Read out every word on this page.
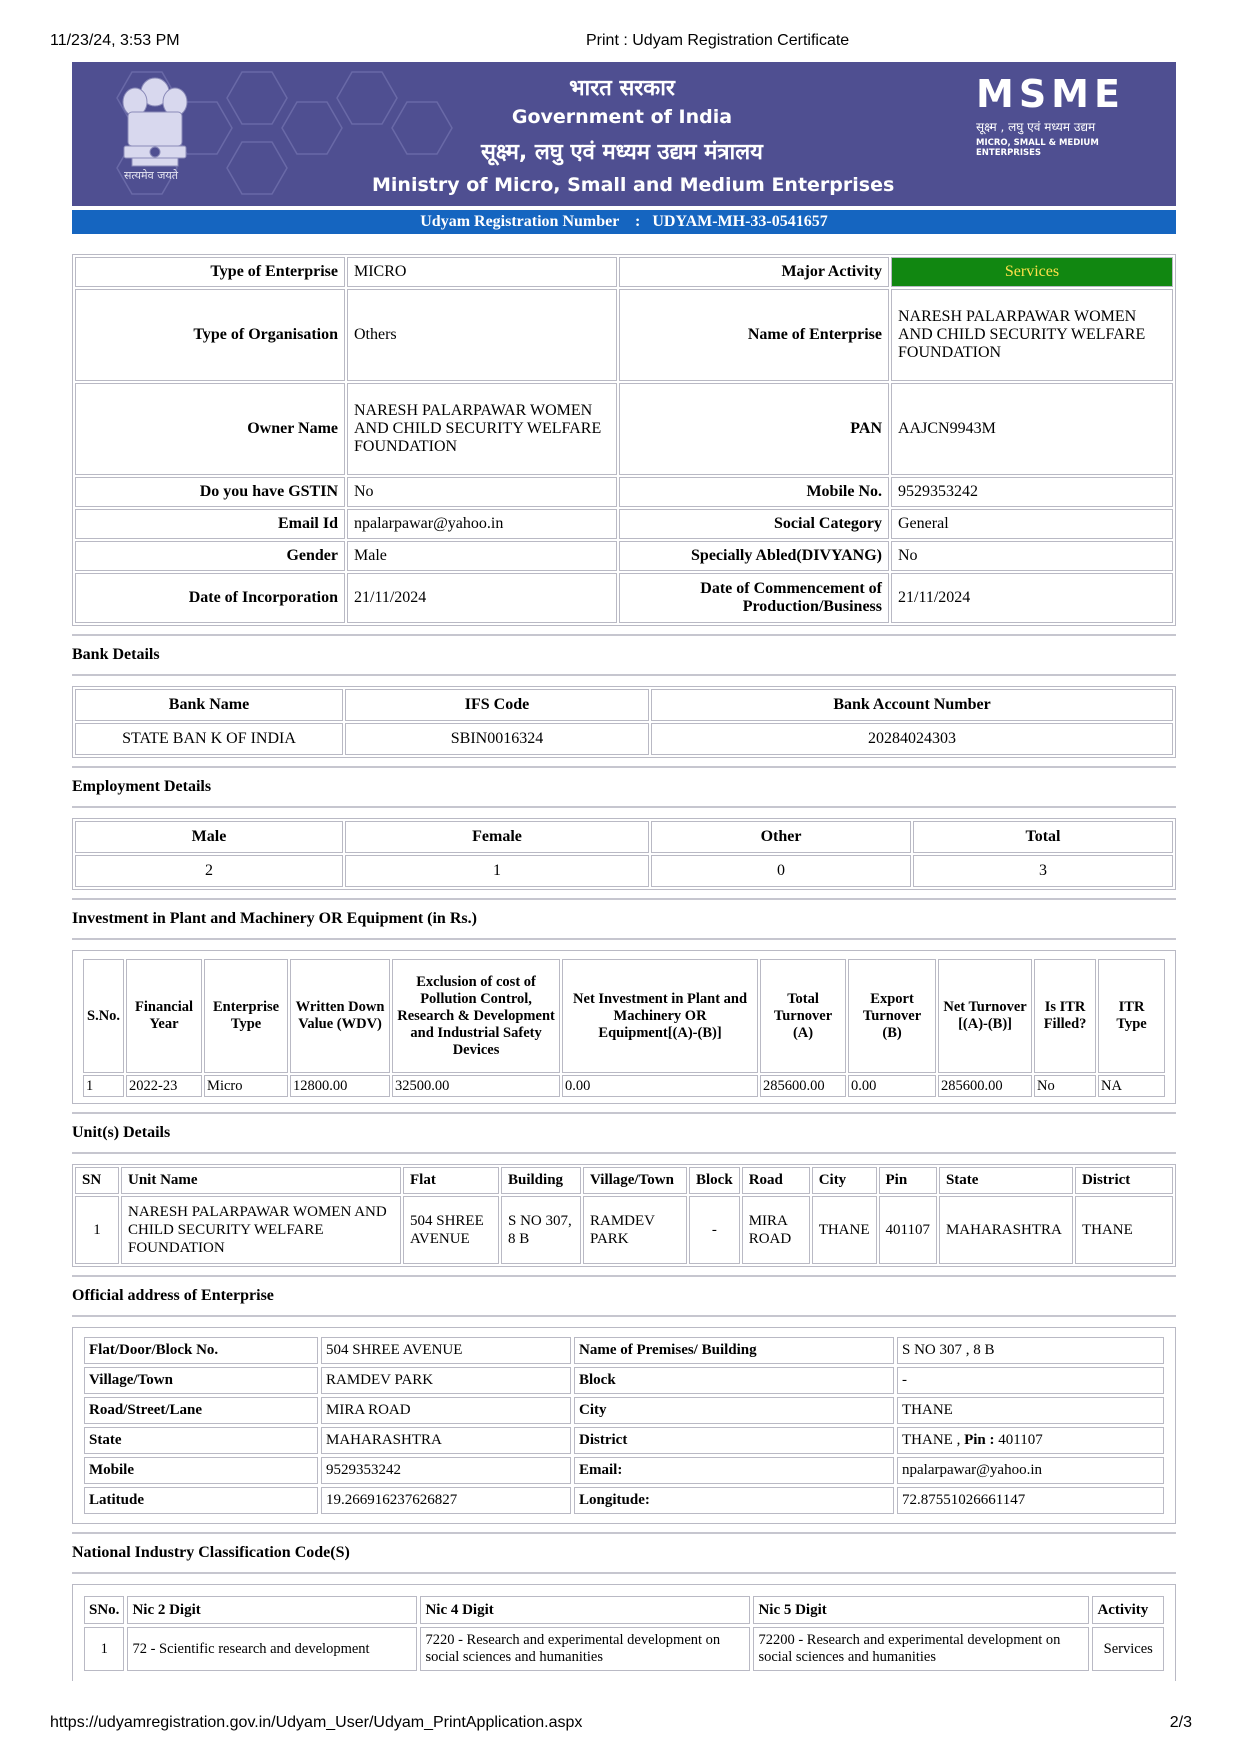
11/23/24, 3:53 PM	Print : Udyam Registration Certificate
सत्यमेव जयते
भारत सरकार
Government of India
सूक्ष्म, लघु एवं मध्यम उद्यम मंत्रालय
Ministry of Micro, Small and Medium Enterprises
MSME
सूक्ष्म , लघु एवं मध्यम उद्यम
MICRO, SMALL & MEDIUM ENTERPRISES
Udyam Registration Number : UDYAM-MH-33-0541657
Type of Enterprise	MICRO	Major Activity	Services
Type of Organisation	Others	Name of Enterprise	NARESH PALARPAWAR WOMEN AND CHILD SECURITY WELFARE FOUNDATION
Owner Name	NARESH PALARPAWAR WOMEN AND CHILD SECURITY WELFARE FOUNDATION	PAN	AAJCN9943M
Do you have GSTIN	No	Mobile No.	9529353242
Email Id	npalarpawar@yahoo.in	Social Category	General
Gender	Male	Specially Abled(DIVYANG)	No
Date of Incorporation	21/11/2024	Date of Commencement of Production/Business	21/11/2024
Bank Details
Bank Name	IFS Code	Bank Account Number
STATE BAN K OF INDIA	SBIN0016324	20284024303
Employment Details
Male	Female	Other	Total
2	1	0	3
Investment in Plant and Machinery OR Equipment (in Rs.)
S.No.	Financial Year	Enterprise Type	Written Down Value (WDV)	Exclusion of cost of Pollution Control, Research & Development and Industrial Safety Devices	Net Investment in Plant and Machinery OR Equipment[(A)-(B)]	Total Turnover (A)	Export Turnover (B)	Net Turnover [(A)-(B)]	Is ITR Filled?	ITR Type
1	2022-23	Micro	12800.00	32500.00	0.00	285600.00	0.00	285600.00	No	NA
Unit(s) Details
SN	Unit Name	Flat	Building	Village/Town	Block	Road	City	Pin	State	District
1	NARESH PALARPAWAR WOMEN AND CHILD SECURITY WELFARE FOUNDATION	504 SHREE AVENUE	S NO 307, 8 B	RAMDEV PARK	-	MIRA ROAD	THANE	401107	MAHARASHTRA	THANE
Official address of Enterprise
Flat/Door/Block No.	504 SHREE AVENUE	Name of Premises/ Building	S NO 307 , 8 B
Village/Town	RAMDEV PARK	Block	-
Road/Street/Lane	MIRA ROAD	City	THANE
State	MAHARASHTRA	District	THANE , Pin : 401107
Mobile	9529353242	Email:	npalarpawar@yahoo.in
Latitude	19.266916237626827	Longitude:	72.87551026661147
National Industry Classification Code(S)
SNo.	Nic 2 Digit	Nic 4 Digit	Nic 5 Digit	Activity
1	72 - Scientific research and development	7220 - Research and experimental development on social sciences and humanities	72200 - Research and experimental development on social sciences and humanities	Services
https://udyamregistration.gov.in/Udyam_User/Udyam_PrintApplication.aspx	2/3
